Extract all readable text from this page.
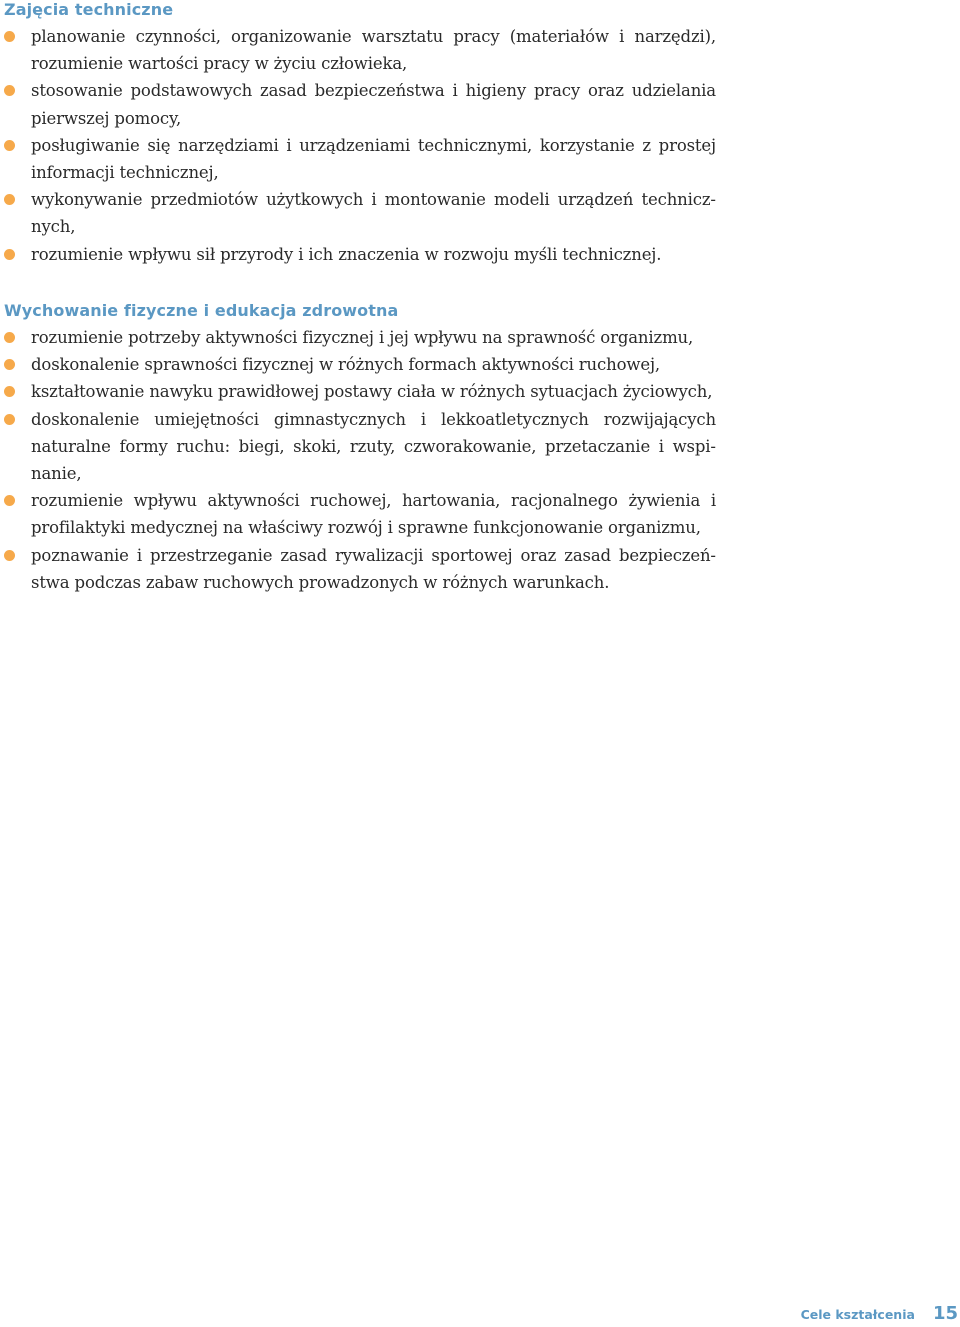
Zajęcia techniczne
planowanie czynności, organizowanie warsztatu pracy (materiałów i narzędzi), rozumienie wartości pracy w życiu człowieka,
stosowanie podstawowych zasad bezpieczeństwa i higieny pracy oraz udzielania pierwszej pomocy,
posługiwanie się narzędziami i urządzeniami technicznymi, korzystanie z prostej informacji technicznej,
wykonywanie przedmiotów użytkowych i montowanie modeli urządzeń technicznych,
rozumienie wpływu sił przyrody i ich znaczenia w rozwoju myśli technicznej.
Wychowanie fizyczne i edukacja zdrowotna
rozumienie potrzeby aktywności fizycznej i jej wpływu na sprawność organizmu,
doskonalenie sprawności fizycznej w różnych formach aktywności ruchowej,
kształtowanie nawyku prawidłowej postawy ciała w różnych sytuacjach życiowych,
doskonalenie umiejętności gimnastycznych i lekkoatletycznych rozwijających naturalne formy ruchu: biegi, skoki, rzuty, czworakowanie, przetaczanie i wspinanie,
rozumienie wpływu aktywności ruchowej, hartowania, racjonalnego żywienia i profilaktyki medycznej na właściwy rozwój i sprawne funkcjonowanie organizmu,
poznawanie i przestrzeganie zasad rywalizacji sportowej oraz zasad bezpieczeństwa podczas zabaw ruchowych prowadzonych w różnych warunkach.
Cele kształcenia 15
